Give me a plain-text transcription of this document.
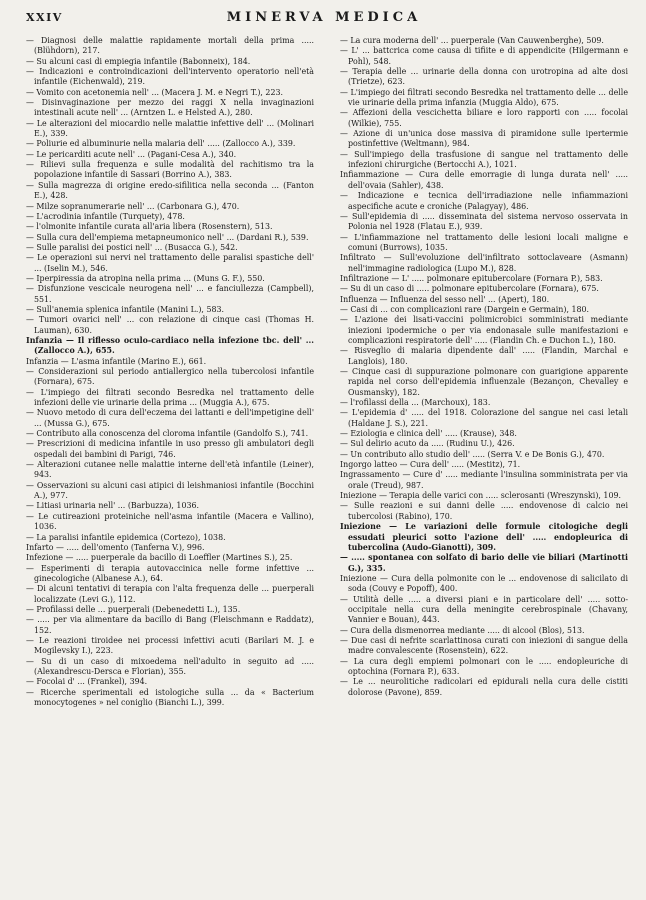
XXIV	MINERVA MEDICA

— Diagnosi delle malattie rapidamente mortali della prima ..... (Blühdorn), 217.

— Su alcuni casi di empiegia infantile (Babonneix), 184.

— Indicazioni e controindicazioni dell'intervento operatorio nell'età infantile (Eichenwald), 219.

— Vomito con acetonemia nell' ... (Macera J. M. e Negri T.), 223.

— Disinvaginazione per mezzo dei raggi X nella invaginazioni intestinali acute nell' ... (Arntzen L. e Helsted A.), 280.

— Le alterazioni del miocardio nelle malattie infettive dell' ... (Molinari E.), 339.

— Poliurie ed albuminurie nella malaria dell' ..... (Zallocco A.), 339.

— Le pericarditi acute nell' ... (Pagani-Cesa A.), 340.

— Rilievi sulla frequenza e sulle modalità del rachitismo tra la popolazione infantile di Sassari (Borrino A.), 383.

— Sulla magrezza di origine eredo-sifilitica nella seconda ... (Fanton E.), 428.

— Milze sopranumerarie nell' ... (Carbonara G.), 470.

— L'acrodinia infantile (Turquety), 478.

— l'olmonite infantile curata all'aria libera (Rosenstern), 513.

— Sulla cura dell'empiema metapneumonico nell' ... (Dardani R.), 539.

— Sulle paralisi dei postici nell' ... (Busacca G.), 542.

— Le operazioni sui nervi nel trattamento delle paralisi spastiche dell' ... (Iselin M.), 546.

— Iperpiressia da atropina nella prima ... (Muns G. F.), 550.

— Disfunzione vescicale neurogena nell' ... e fanciullezza (Campbell), 551.

— Sull'anemia splenica infantile (Manini L.), 583.

— Tumori ovarici nell' ... con relazione di cinque casi (Thomas H. Lauman), 630.

Infanzia — Il riflesso oculo-cardiaco nella infezione tbc. dell' ... (Zallocco A.), 655.

Infanzia — L'asma infantile (Marino E.), 661.

— Considerazioni sul periodo antiallergico nella tubercolosi infantile (Fornara), 675.

— L'impiego dei filtrati secondo Besredka nel trattamento delle infezioni delle vie urinarie della prima ... (Muggia A.), 675.

— Nuovo metodo di cura dell'eczema dei lattanti e dell'impetigine dell' ... (Mussa G.), 675.

— Contributo alla conoscenza del cloroma infantile (Gandolfo S.), 741.

— Prescrizioni di medicina infantile in uso presso gli ambulatori degli ospedali dei bambini di Parigi, 746.

— Alterazioni cutanee nelle malattie interne dell'età infantile (Leiner), 943.

— Osservazioni su alcuni casi atipici di leishmaniosi infantile (Bocchini A.), 977.

— Litiasi urinaria nell' ... (Barbuzza), 1036.

— Le cutireazioni proteiniche nell'asma infantile (Macera e Vallino), 1036.

— La paralisi infantile epidemica (Cortezo), 1038.

Infarto — ..... dell'omento (Tanferna V.), 996.

Infezione — ..... puerperale da bacillo di Loeffler (Martines S.), 25.

— Esperimenti di terapia autovaccinica nelle forme infettive ... ginecologiche (Albanese A.), 64.

— Di alcuni tentativi di terapia con l'alta frequenza delle ... puerperali localizzate (Levi G.), 112.

— Profilassi delle ... puerperali (Debenedetti L.), 135.

— ..... per via alimentare da bacillo di Bang (Fleischmann e Raddatz), 152.

— Le reazioni tiroidee nei processi infettivi acuti (Barilari M. J. e Mogilevsky I.), 223.

— Su di un caso di mixoedema nell'adulto in seguito ad ..... (Alexandrescu-Dersca e Florian), 355.

— Focolai d' ... (Frankel), 394.

— Ricerche sperimentali ed istologiche sulla ... da « Bacterium monocytogenes » nel coniglio (Bianchi L.), 399.

— La cura moderna dell' ... puerperale (Van Cauwenberghe), 509.

— L' ... battcrica come causa di tifiite e di appendicite (Hilgermann e Pohl), 548.

— Terapia delle ... urinarie della donna con urotropina ad alte dosi (Trietze), 623.

— L'impiego dei filtrati secondo Besredka nel trattamento delle ... delle vie urinarie della prima infanzia (Muggia Aldo), 675.

— Affezioni della vescichetta biliare e loro rapporti con ..... focolai (Wilkie), 755.

— Azione di un'unica dose massiva di piramidone sulle ipertermie postinfettive (Weltmann), 984.

— Sull'impiego della trasfusione di sangue nel trattamento delle infezioni chirurgiche (Bertocchi A.), 1021.

Infiammazione — Cura delle emorragie di lunga durata nell' ..... dell'ovaia (Sahler), 438.

— Indicazione e tecnica dell'irradiazione nelle infiammazioni aspecifiche acute e croniche (Palagyay), 486.

— Sull'epidemia di ..... disseminata del sistema nervoso osservata in Polonia nel 1928 (Flatau E.), 939.

— L'infiammazione nel trattamento delle lesioni locali maligne e comuni (Burrows), 1035.

Infiltrato — Sull'evoluzione dell'infiltrato sottoclaveare (Asmann) nell'immagine radiologica (Lupo M.), 828.

Infiltrazione — L' ..... polmonare epitubercolare (Fornara P.), 583.

— Su di un caso di ..... polmonare epitubercolare (Fornara), 675.

Influenza — Influenza del sesso nell' ... (Apert), 180.

— Casi di ... con complicazioni rare (Dargein e Germain), 180.

— L'azione dei lisati-vaccini polimicrobici somministrati mediante iniezioni ipodermiche o per via endonasale sulle manifestazioni e complicazioni respiratorie dell' ..... (Flandin Ch. e Duchon L.), 180.

— Risveglio di malaria dipendente dall' ..... (Flandin, Marchal e Langlois), 180.

— Cinque casi di suppurazione polmonare con guarigione apparente rapida nel corso dell'epidemia influenzale (Bezançon, Chevalley e Ousmansky), 182.

— l'rofilassi della ... (Marchoux), 183.

— L'epidemia d' ..... del 1918. Colorazione del sangue nei casi letali (Haldane J. S.), 221.

— Eziologia e clinica dell' ..... (Krause), 348.

— Sul delirio acuto da ..... (Rudinu U.), 426.

— Un contributo allo studio dell' ..... (Serra V. e De Bonis G.), 470.

Ingorgo latteo — Cura dell' ..... (Mestitz), 71.

Ingrassamento — Cure d' ..... mediante l'insulina somministrata per via orale (Treud), 987.

Iniezione — Terapia delle varici con ..... sclerosanti (Wreszynski), 109.

— Sulle reazioni e sui danni delle ..... endovenose di calcio nei tubercolosi (Rabino), 170.

Iniezione — Le variazioni delle formule citologiche degli essudati pleurici sotto l'azione dell' ..... endopleurica di tubercolina (Audo-Gianotti), 309.

— ..... spontanea con solfato di bario delle vie biliari (Martinotti G.), 335.

Iniezione — Cura della polmonite con le ... endovenose di salicilato di soda (Couvy e Popoff), 400.

— Utilità delle ..... a diversi piani e in particolare dell' ..... sotto-occipitale nella cura della meningite cerebrospinale (Chavany, Vannier e Bouan), 443.

— Cura della dismenorrea mediante ..... di alcool (Blos), 513.

— Due casi di nefrite scarlattinosa curati con iniezioni di sangue della madre convalescente (Rosenstein), 622.

— La cura degli empiemi polmonari con le ..... endopleuriche di optochina (Fornara P.), 633.

— Le ... neurolitiche radicolari ed epidurali nella cura delle cistiti dolorose (Pavone), 859.
